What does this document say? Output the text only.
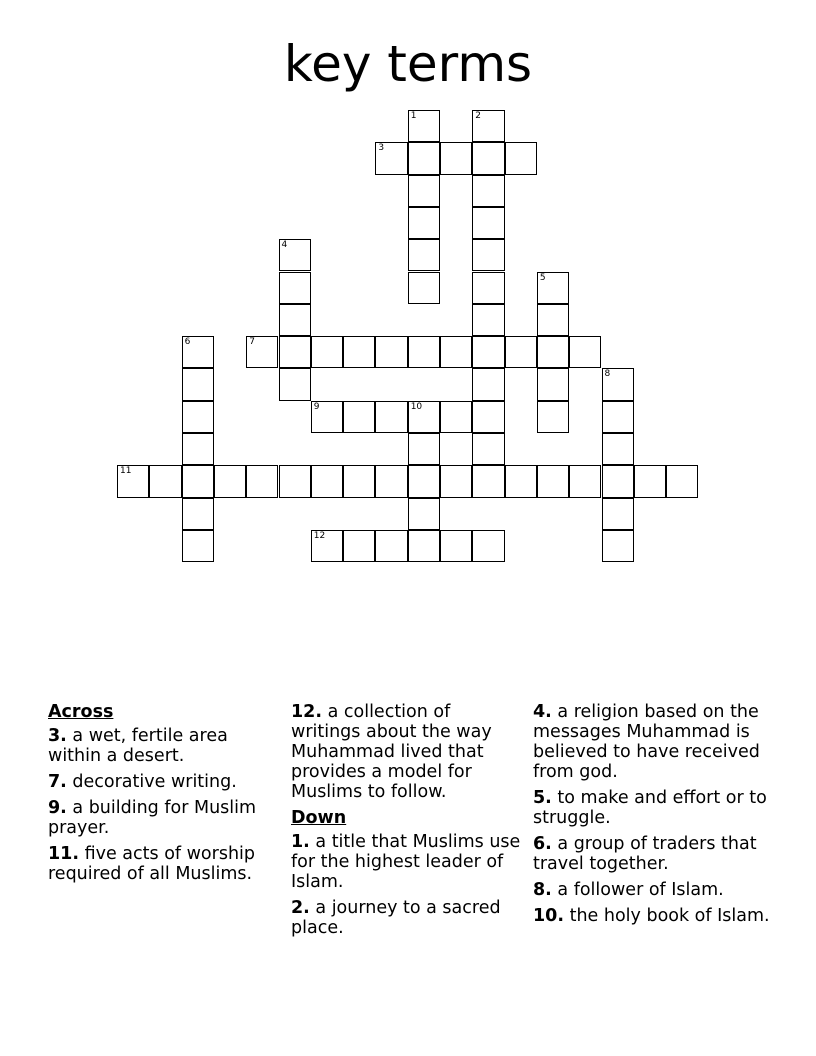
key terms
1	2
3
4
5
6	7
8
9	10
11
12
Across
3. a wet, fertile area within a desert.
7. decorative writing.
9. a building for Muslim prayer.
11. five acts of worship required of all Muslims.
12. a collection of writings about the way Muhammad lived that provides a model for Muslims to follow.
Down
1. a title that Muslims use for the highest leader of Islam.
2. a journey to a sacred place.
4. a religion based on the messages Muhammad is believed to have received from god.
5. to make and effort or to struggle.
6. a group of traders that travel together.
8. a follower of Islam.
10. the holy book of Islam.
